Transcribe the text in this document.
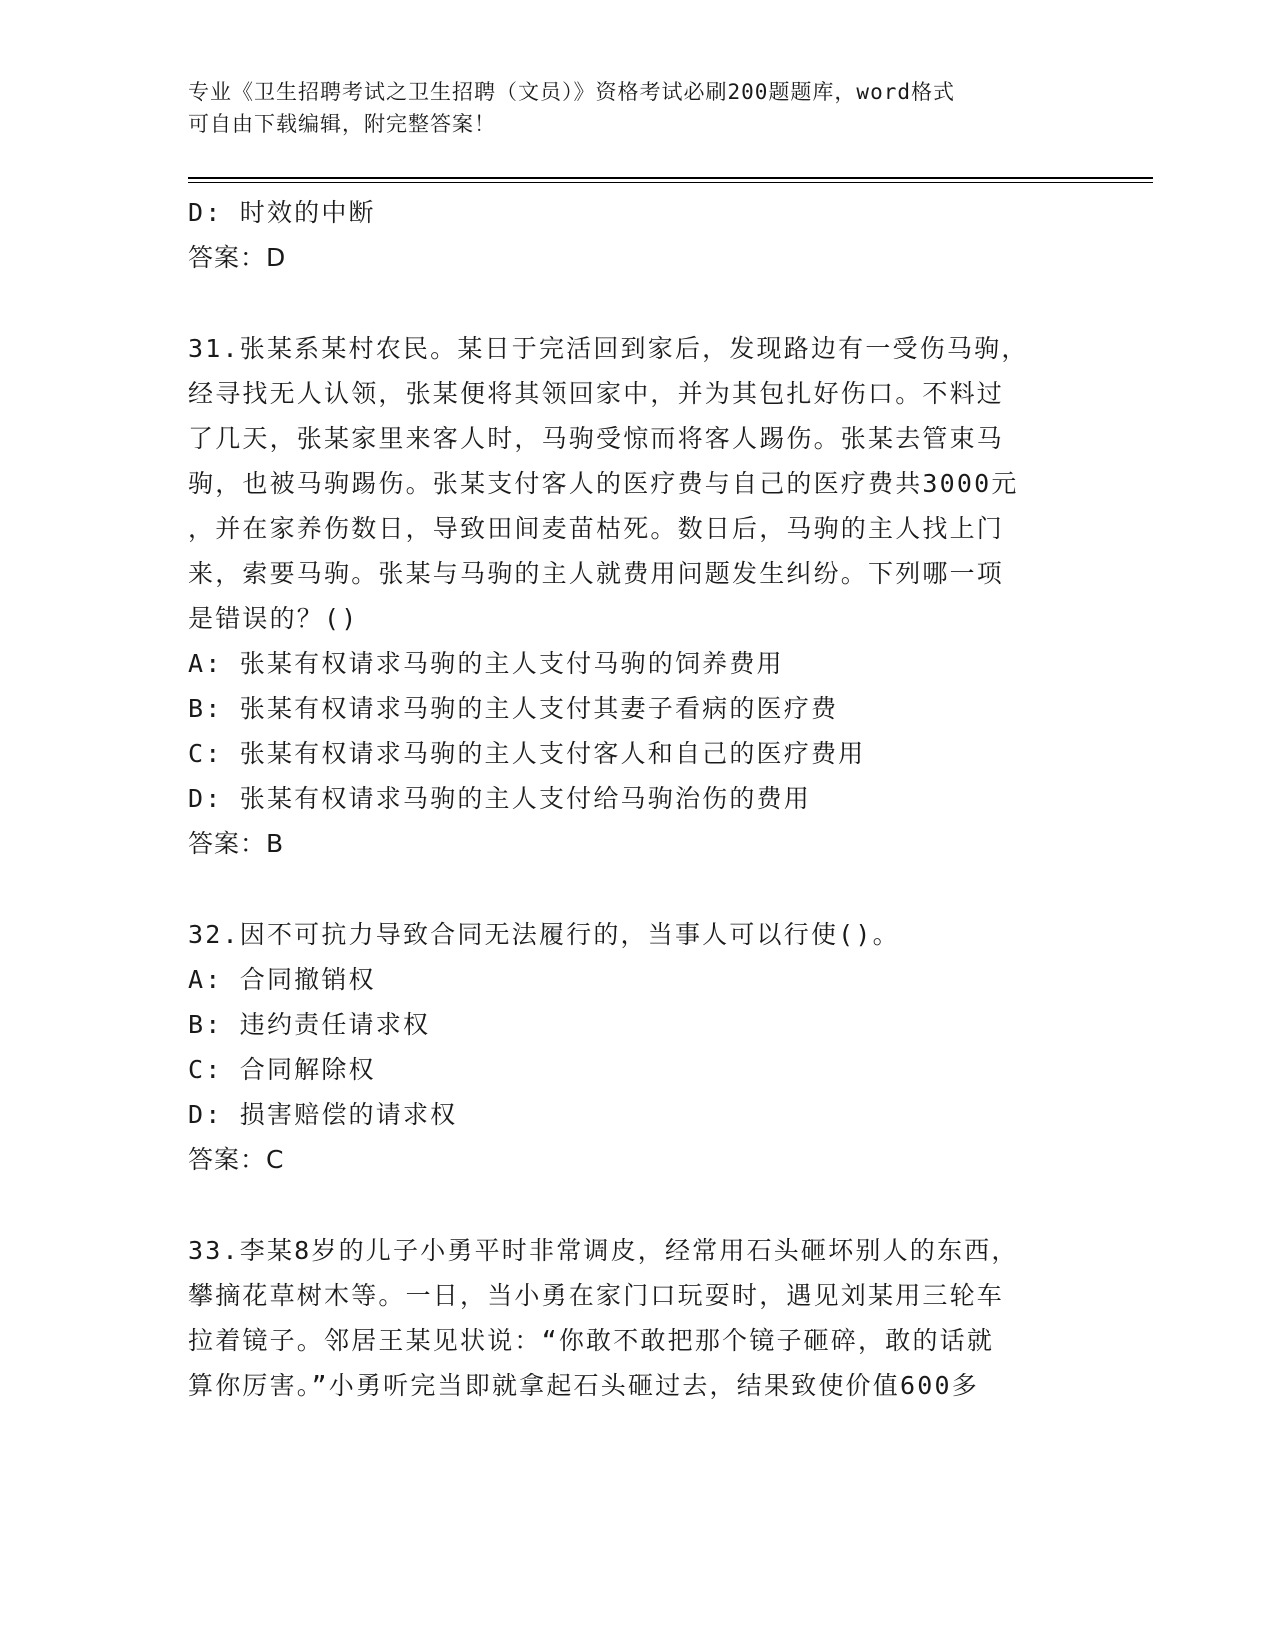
专业《卫生招聘考试之卫生招聘（文员）》资格考试必刷200题题库，word格式
可自由下载编辑，附完整答案！
D: 时效的中断
答案：D
31.张某系某村农民。某日于完活回到家后，发现路边有一受伤马驹，
经寻找无人认领，张某便将其领回家中，并为其包扎好伤口。不料过
了几天，张某家里来客人时，马驹受惊而将客人踢伤。张某去管束马
驹，也被马驹踢伤。张某支付客人的医疗费与自己的医疗费共3000元
，并在家养伤数日，导致田间麦苗枯死。数日后，马驹的主人找上门
来，索要马驹。张某与马驹的主人就费用问题发生纠纷。下列哪一项
是错误的？()
A: 张某有权请求马驹的主人支付马驹的饲养费用
B: 张某有权请求马驹的主人支付其妻子看病的医疗费
C: 张某有权请求马驹的主人支付客人和自己的医疗费用
D: 张某有权请求马驹的主人支付给马驹治伤的费用
答案：B
32.因不可抗力导致合同无法履行的，当事人可以行使()。
A: 合同撤销权
B: 违约责任请求权
C: 合同解除权
D: 损害赔偿的请求权
答案：C
33.李某8岁的儿子小勇平时非常调皮，经常用石头砸坏别人的东西，
攀摘花草树木等。一日，当小勇在家门口玩耍时，遇见刘某用三轮车
拉着镜子。邻居王某见状说：“你敢不敢把那个镜子砸碎，敢的话就
算你厉害。”小勇听完当即就拿起石头砸过去，结果致使价值600多
